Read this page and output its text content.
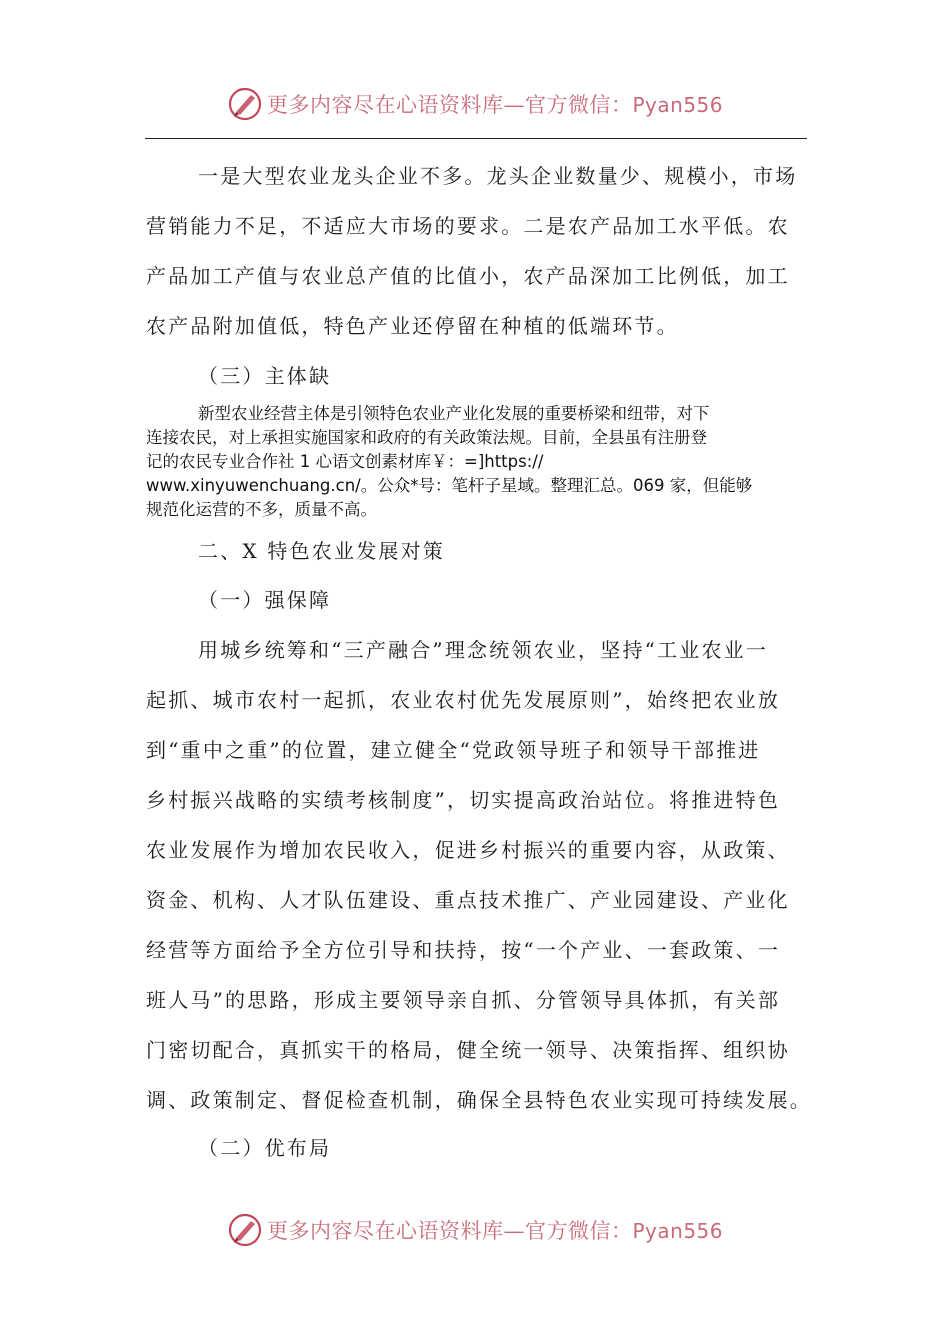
更多内容尽在心语资料库—官方微信：Pyan556
一是大型农业龙头企业不多。龙头企业数量少、规模小，市场
营销能力不足，不适应大市场的要求。二是农产品加工水平低。农
产品加工产值与农业总产值的比值小，农产品深加工比例低，加工
农产品附加值低，特色产业还停留在种植的低端环节。
（三）主体缺
新型农业经营主体是引领特色农业产业化发展的重要桥梁和纽带，对下
连接农民，对上承担实施国家和政府的有关政策法规。目前，全县虽有注册登
记的农民专业合作社 1 心语文创素材库￥：=]https://
www.xinyuwenchuang.cn/。公众*号：笔杆子星域。整理汇总。069 家，但能够
规范化运营的不多，质量不高。
二、X 特色农业发展对策
（一）强保障
用城乡统筹和“三产融合”理念统领农业，坚持“工业农业一
起抓、城市农村一起抓，农业农村优先发展原则”，始终把农业放
到“重中之重”的位置，建立健全“党政领导班子和领导干部推进
乡村振兴战略的实绩考核制度”，切实提高政治站位。将推进特色
农业发展作为增加农民收入，促进乡村振兴的重要内容，从政策、
资金、机构、人才队伍建设、重点技术推广、产业园建设、产业化
经营等方面给予全方位引导和扶持，按“一个产业、一套政策、一
班人马”的思路，形成主要领导亲自抓、分管领导具体抓，有关部
门密切配合，真抓实干的格局，健全统一领导、决策指挥、组织协
调、政策制定、督促检查机制，确保全县特色农业实现可持续发展。
（二）优布局
更多内容尽在心语资料库—官方微信：Pyan556
